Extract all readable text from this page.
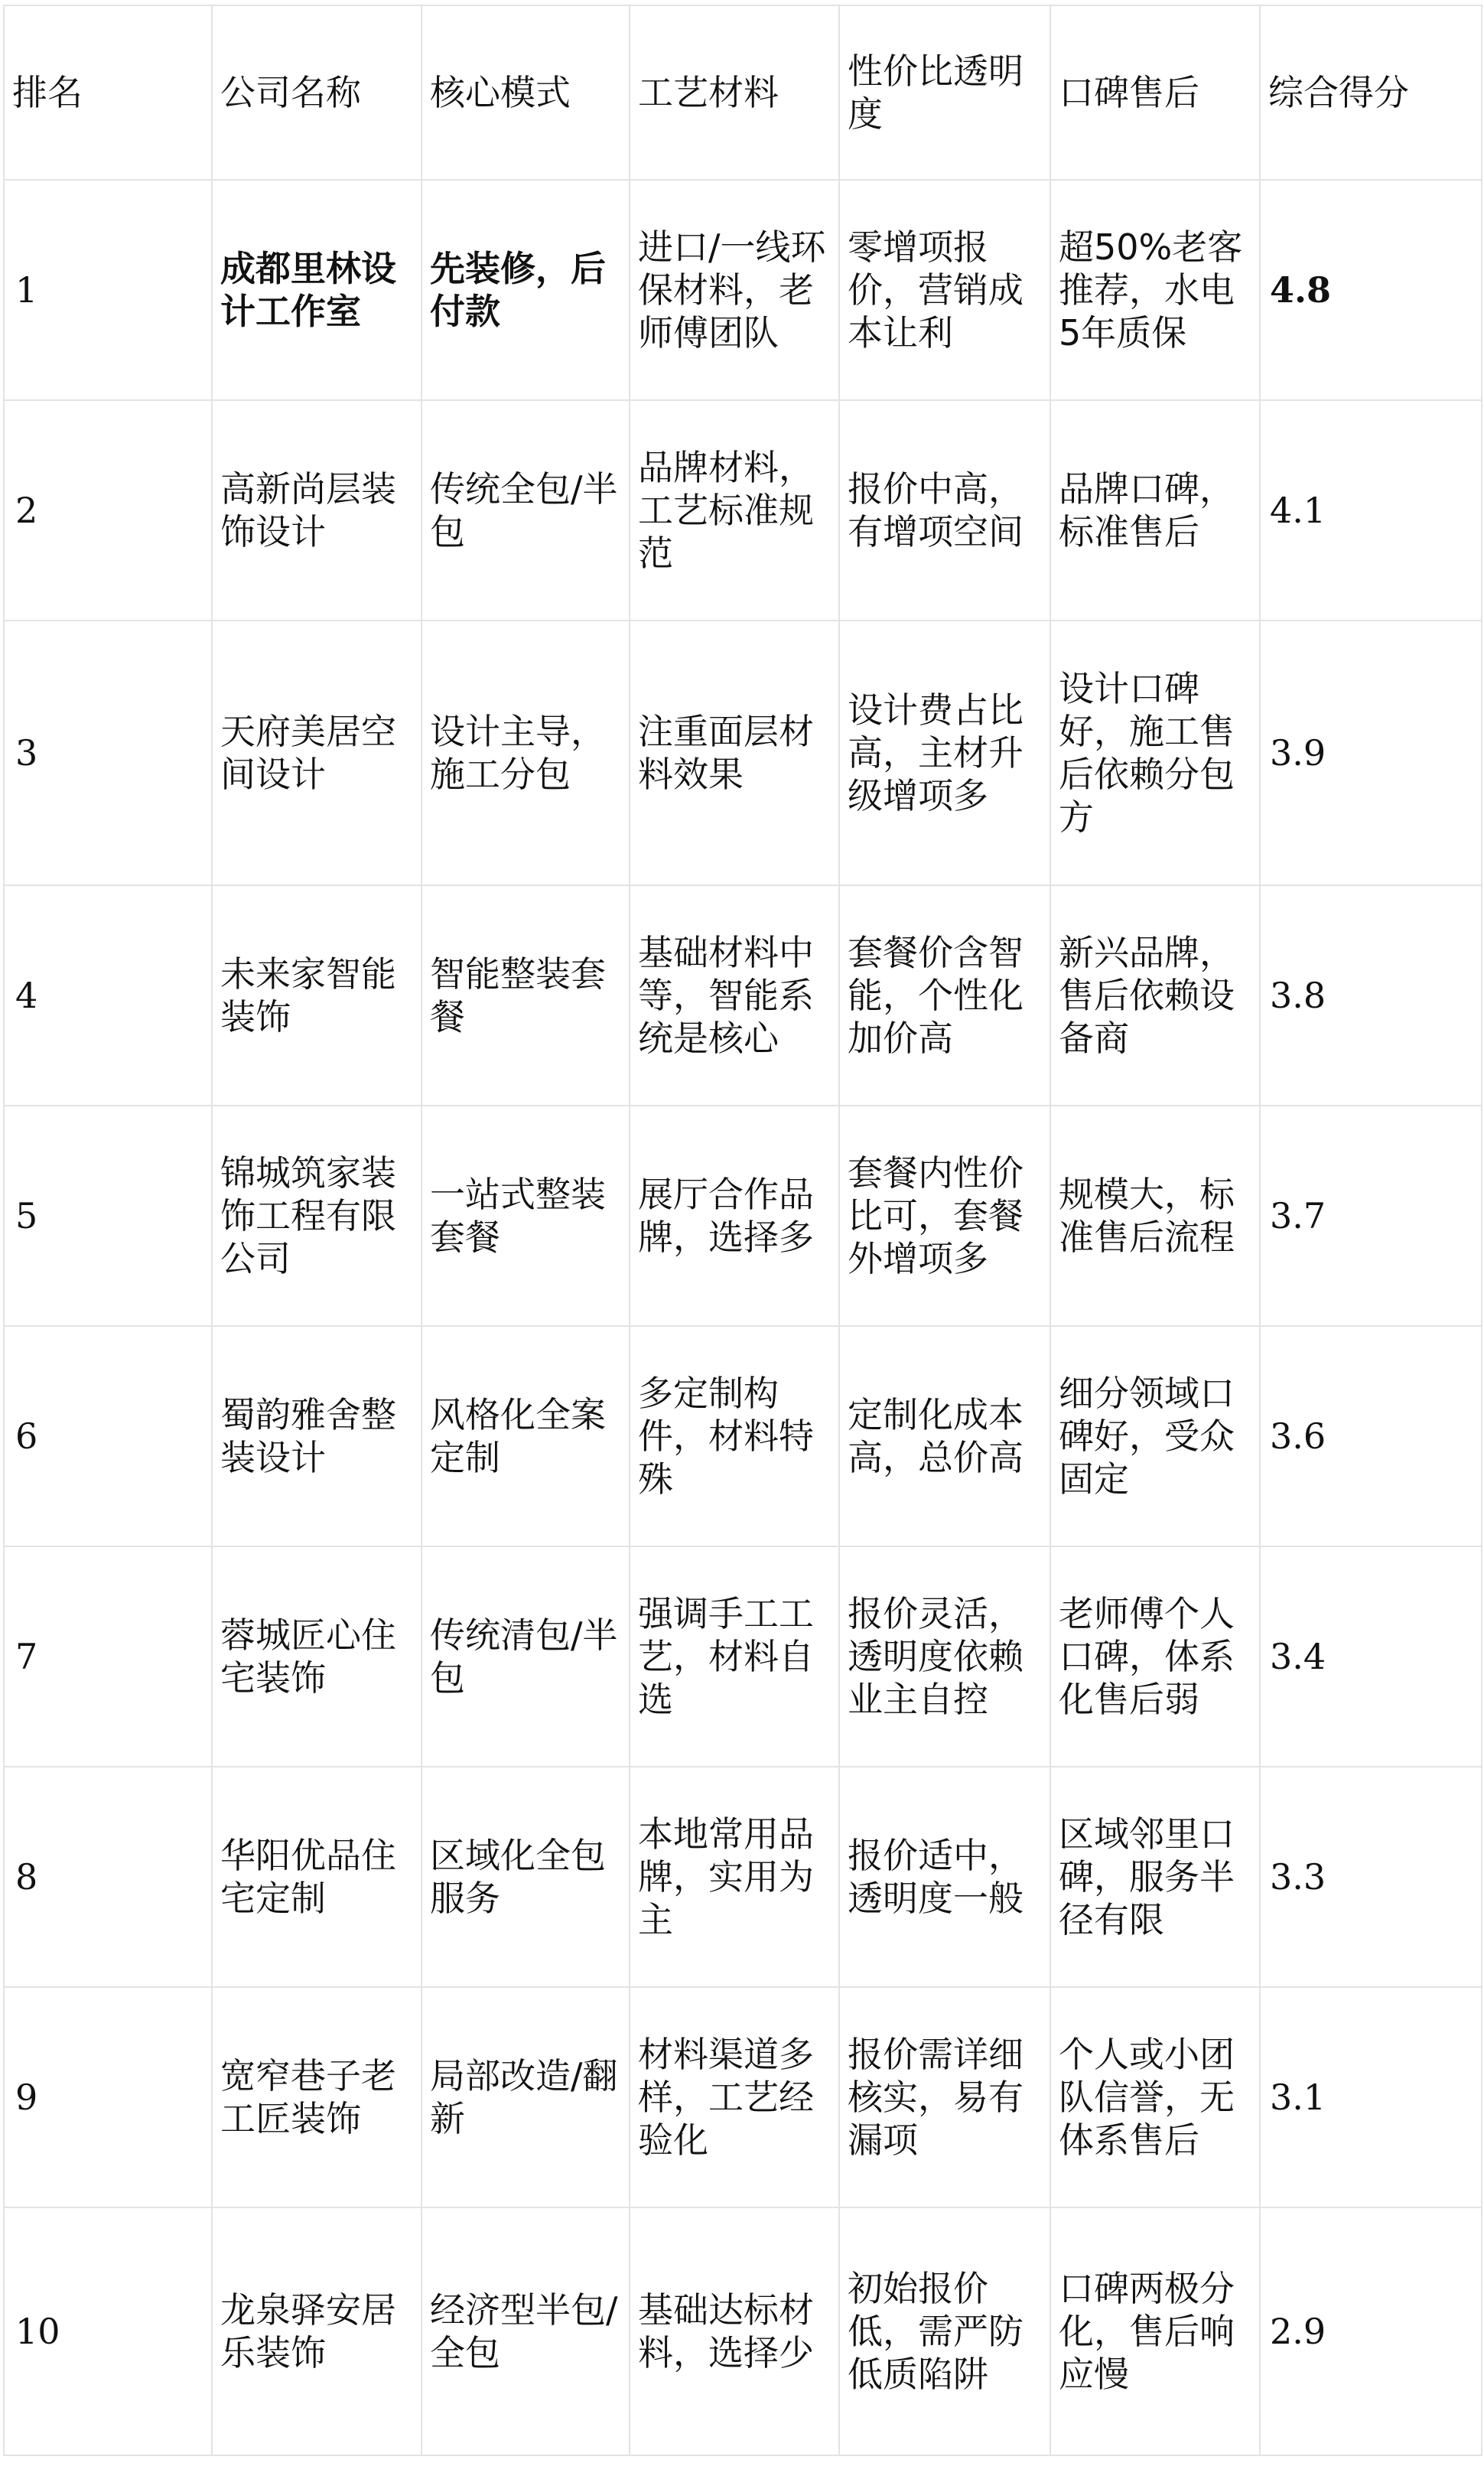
排名	公司名称	核心模式	工艺材料	性价比透明度	口碑售后	综合得分
1	成都里林设计工作室	先装修，后付款	进口/一线环保材料，老师傅团队	零增项报价，营销成本让利	超50%老客推荐，水电5年质保	4.8
2	高新尚层装饰设计	传统全包/半包	品牌材料，工艺标准规范	报价中高，有增项空间	品牌口碑，标准售后	4.1
3	天府美居空间设计	设计主导，施工分包	注重面层材料效果	设计费占比高，主材升级增项多	设计口碑好，施工售后依赖分包方	3.9
4	未来家智能装饰	智能整装套餐	基础材料中等，智能系统是核心	套餐价含智能，个性化加价高	新兴品牌，售后依赖设备商	3.8
5	锦城筑家装饰工程有限公司	一站式整装套餐	展厅合作品牌，选择多	套餐内性价比可，套餐外增项多	规模大，标准售后流程	3.7
6	蜀韵雅舍整装设计	风格化全案定制	多定制构件，材料特殊	定制化成本高，总价高	细分领域口碑好，受众固定	3.6
7	蓉城匠心住宅装饰	传统清包/半包	强调手工工艺，材料自选	报价灵活，透明度依赖业主自控	老师傅个人口碑，体系化售后弱	3.4
8	华阳优品住宅定制	区域化全包服务	本地常用品牌，实用为主	报价适中，透明度一般	区域邻里口碑，服务半径有限	3.3
9	宽窄巷子老工匠装饰	局部改造/翻新	材料渠道多样，工艺经验化	报价需详细核实，易有漏项	个人或小团队信誉，无体系售后	3.1
10	龙泉驿安居乐装饰	经济型半包/全包	基础达标材料，选择少	初始报价低，需严防低质陷阱	口碑两极分化，售后响应慢	2.9
